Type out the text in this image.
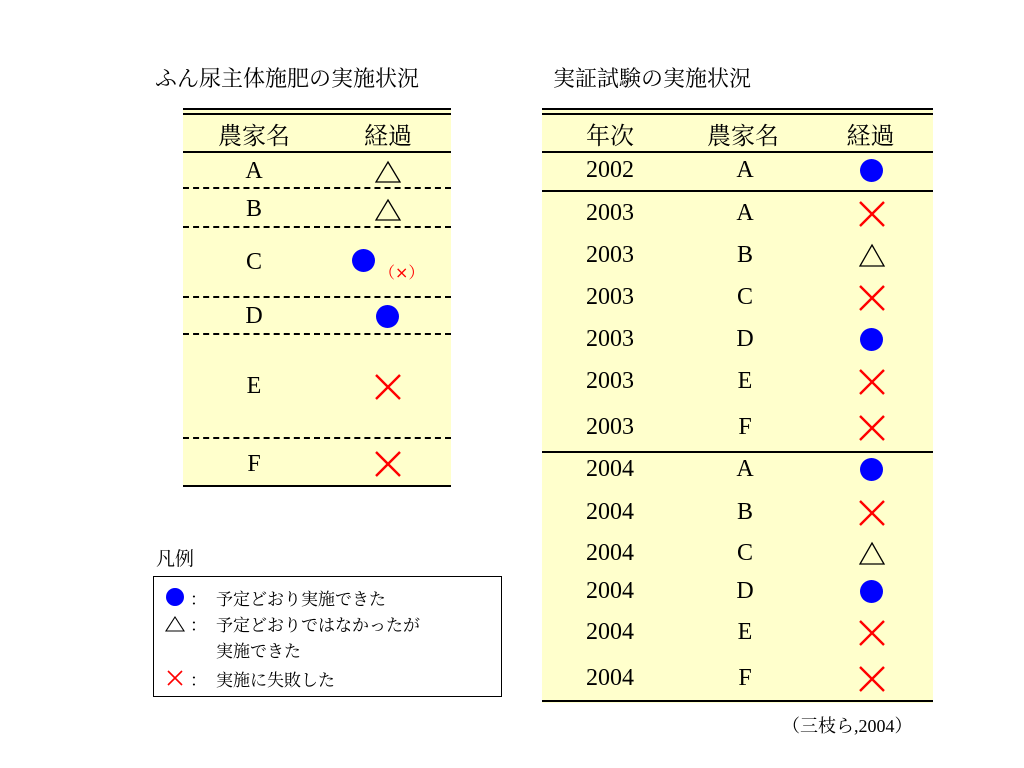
ふん尿主体施肥の実施状況	実証試験の実施状況
農家名	経過
A
B
C	（×）
D
E
F
年次	農家名	経過
2002	A
2003	A
2003	B
2003	C
2003	D
2003	E
2003	F
2004	A
2004	B
2004	C
2004	D
2004	E
2004	F
凡例
： 予定どおり実施できた
： 予定どおりではなかったが
実施できた
： 実施に失敗した
（三枝ら,2004）
